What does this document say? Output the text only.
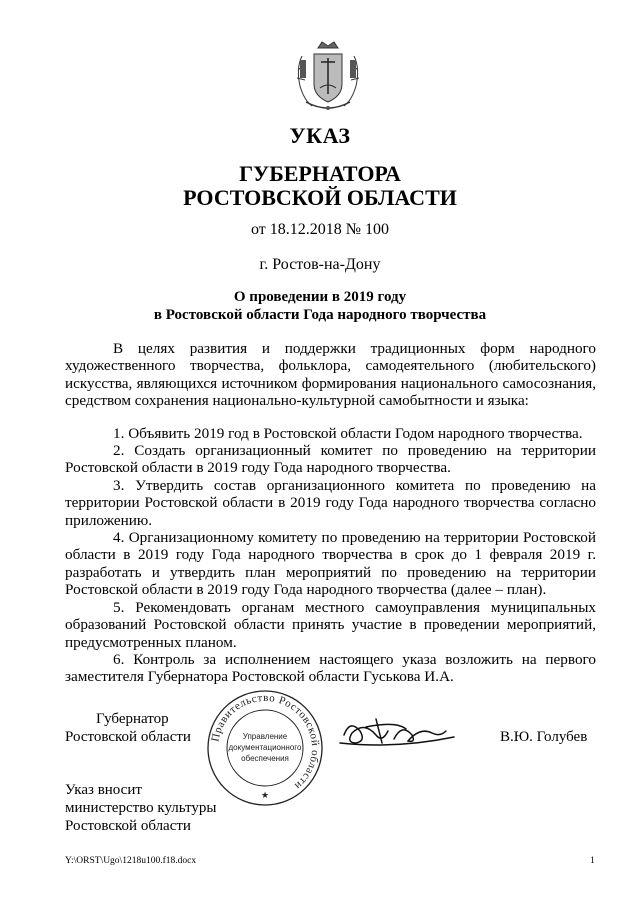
УКАЗ
ГУБЕРНАТОРА
РОСТОВСКОЙ ОБЛАСТИ
от 18.12.2018 № 100
г. Ростов-на-Дону
О проведении в 2019 году
в Ростовской области Года народного творчества

В целях развития и поддержки традиционных форм народного художественного творчества, фольклора, самодеятельного (любительского) искусства, являющихся источником формирования национального самосознания, средством сохранения национально-культурной самобытности и языка:

1. Объявить 2019 год в Ростовской области Годом народного творчества.

2. Создать организационный комитет по проведению на территории Ростовской области в 2019 году Года народного творчества.

3. Утвердить состав организационного комитета по проведению на территории Ростовской области в 2019 году Года народного творчества согласно приложению.

4. Организационному комитету по проведению на территории Ростовской области в 2019 году Года народного творчества в срок до 1 февраля 2019 г. разработать и утвердить план мероприятий по проведению на территории Ростовской области в 2019 году Года народного творчества (далее – план).

5. Рекомендовать органам местного самоуправления муниципальных образований Ростовской области принять участие в проведении мероприятий, предусмотренных планом.

6. Контроль за исполнением настоящего указа возложить на первого заместителя Губернатора Ростовской области Гуськова И.А.

Губернатор
Ростовской области	В.Ю. Голубев
Правительство Ростовской области
Управление
документационного
обеспечения
★
Указ вносит
министерство культуры
Ростовской области
Y:\ORST\Ugo\1218u100.f18.docx	1
